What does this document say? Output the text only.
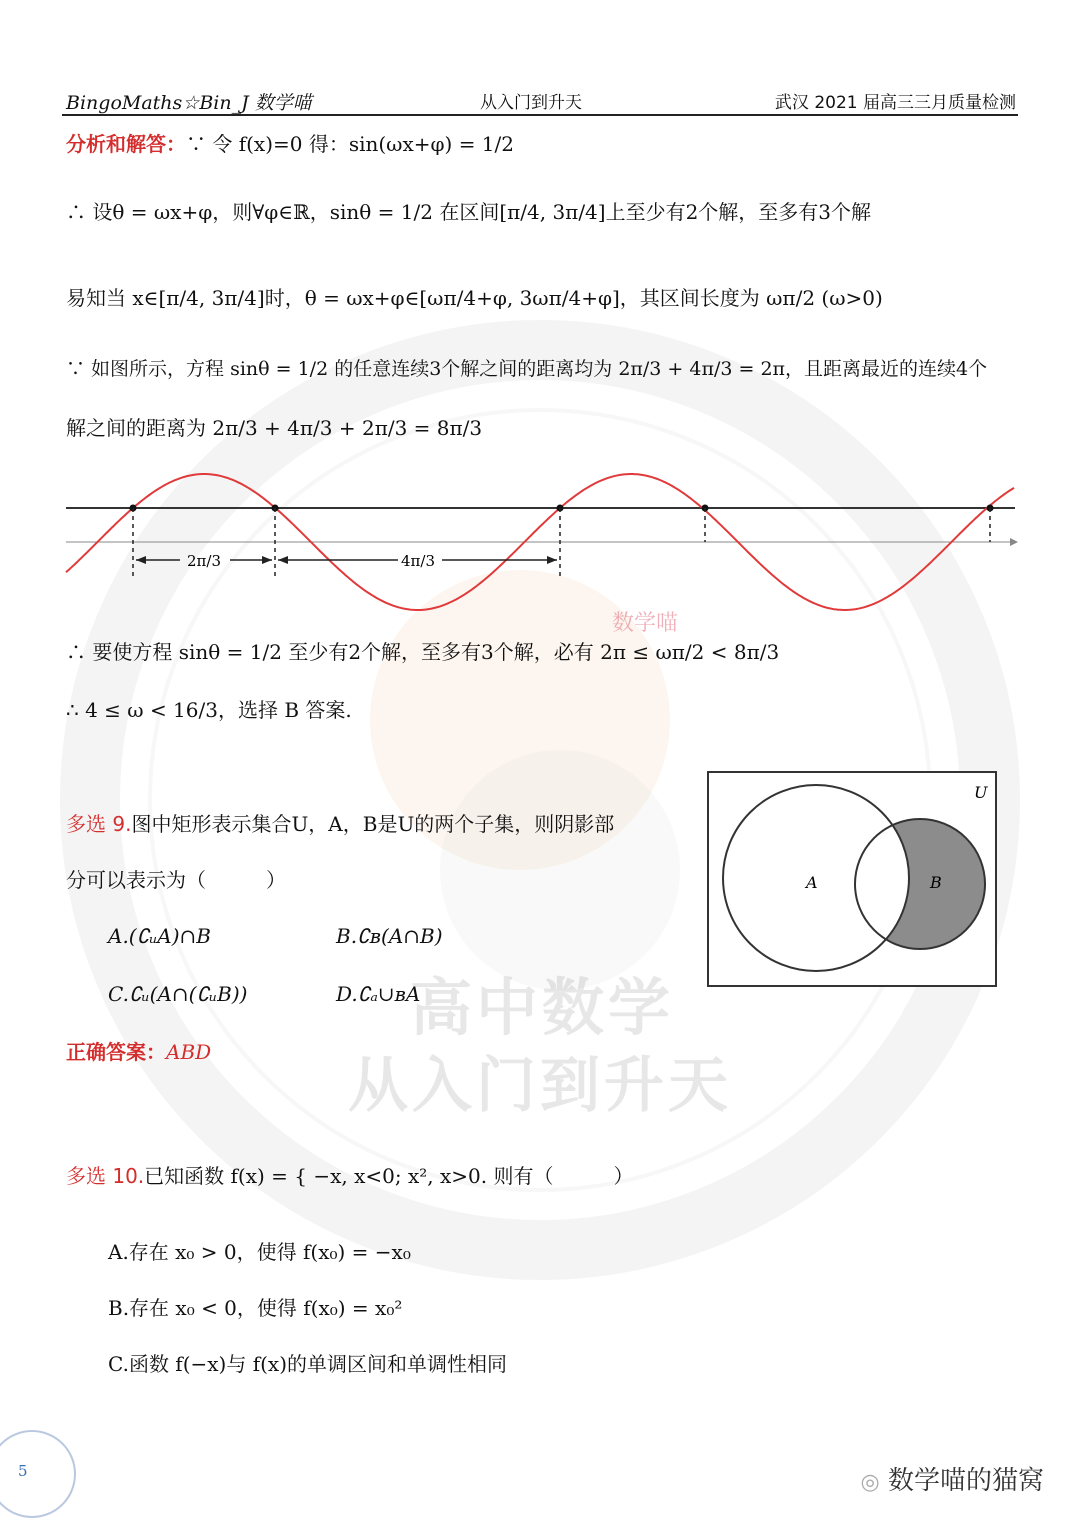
高中数学
从入门到升天
数学喵
BingoMaths☆Bin_J 数学喵	从入门到升天	武汉 2021 届高三三月质量检测
分析和解答：∵ 令 f(x)=0 得：sin(ωx+φ) = 1/2
∴ 设θ = ωx+φ，则∀φ∈ℝ，sinθ = 1/2 在区间[π/4, 3π/4]上至少有2个解，至多有3个解
易知当 x∈[π/4, 3π/4]时，θ = ωx+φ∈[ωπ/4+φ, 3ωπ/4+φ]，其区间长度为 ωπ/2 (ω>0)
∵ 如图所示，方程 sinθ = 1/2 的任意连续3个解之间的距离均为 2π/3 + 4π/3 = 2π，且距离最近的连续4个
解之间的距离为 2π/3 + 4π/3 + 2π/3 = 8π/3
2π/3	4π/3
∴ 要使方程 sinθ = 1/2 至少有2个解，至多有3个解，必有 2π ≤ ωπ/2 < 8π/3
∴ 4 ≤ ω < 16/3，选择 B 答案.
多选 9.图中矩形表示集合U，A，B是U的两个子集，则阴影部
分可以表示为（　　　）
A.(∁ᵤA)∩B	B.∁ʙ(A∩B)
C.∁ᵤ(A∩(∁ᵤB))	D.∁ₐ∪ʙA
U
A	B
正确答案：ABD
多选 10.已知函数 f(x) = { −x, x<0; x², x>0. 则有（　　　）
A.存在 x₀ > 0，使得 f(x₀) = −x₀
B.存在 x₀ < 0，使得 f(x₀) = x₀²
C.函数 f(−x)与 f(x)的单调区间和单调性相同
5	◎ 数学喵的猫窝
